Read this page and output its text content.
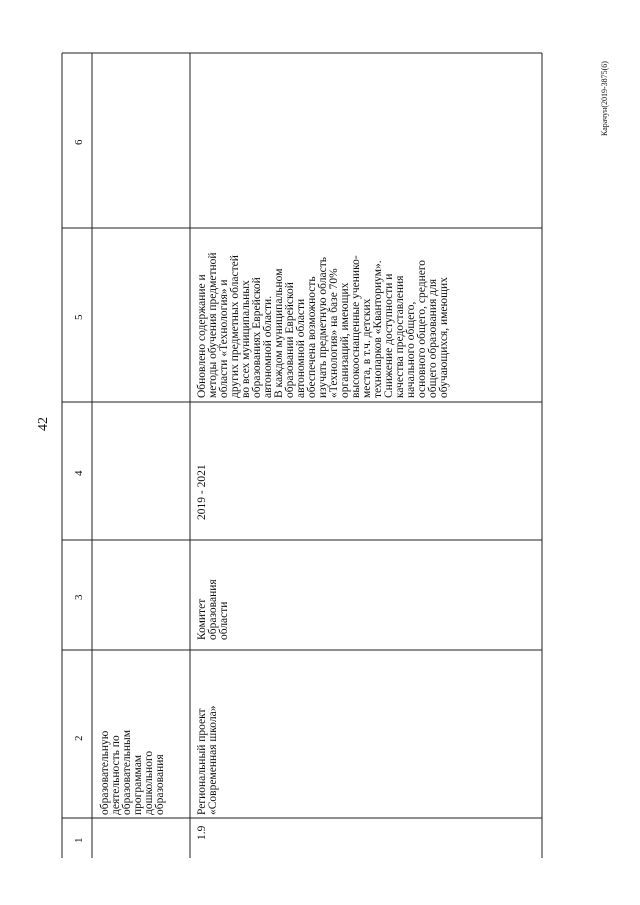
42
Карачун(2019-3875(6)
1
2
3
4
5
6
образовательную деятельность по образовательным программам дошкольного образования
1.9
Региональный проект «Современная школа»
Комитет образования области
2019 - 2021
Обновлено содержание и методы обучения предметной области «Технология» и других предметных областей во всех муниципальных образованиях Еврейской автономной области. В каждом муниципальном образовании Еврейской автономной области обеспечена возможность изучать предметную область «Технология» на базе 70% организаций, имеющих высокооснащенные ученико- места, в т.ч. детских технопарков «Кванториум». Снижение доступности и качества предоставления начального общего, основного общего, среднего общего образования для обучающихся, имеющих
